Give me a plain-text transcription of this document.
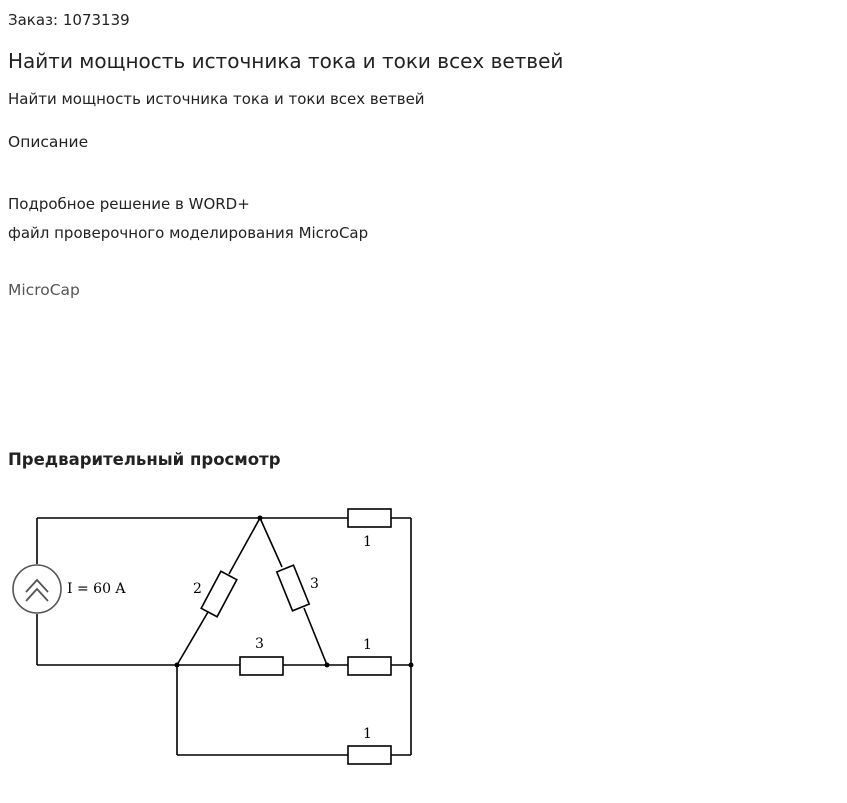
Заказ: 1073139
Найти мощность источника тока и токи всех ветвей
Найти мощность источника тока и токи всех ветвей
Описание
Подробное решение в WORD+
файл проверочного моделирования MicroCap
MicroCap
Предварительный просмотр
I = 60 A	2	3
3
1
1
1
